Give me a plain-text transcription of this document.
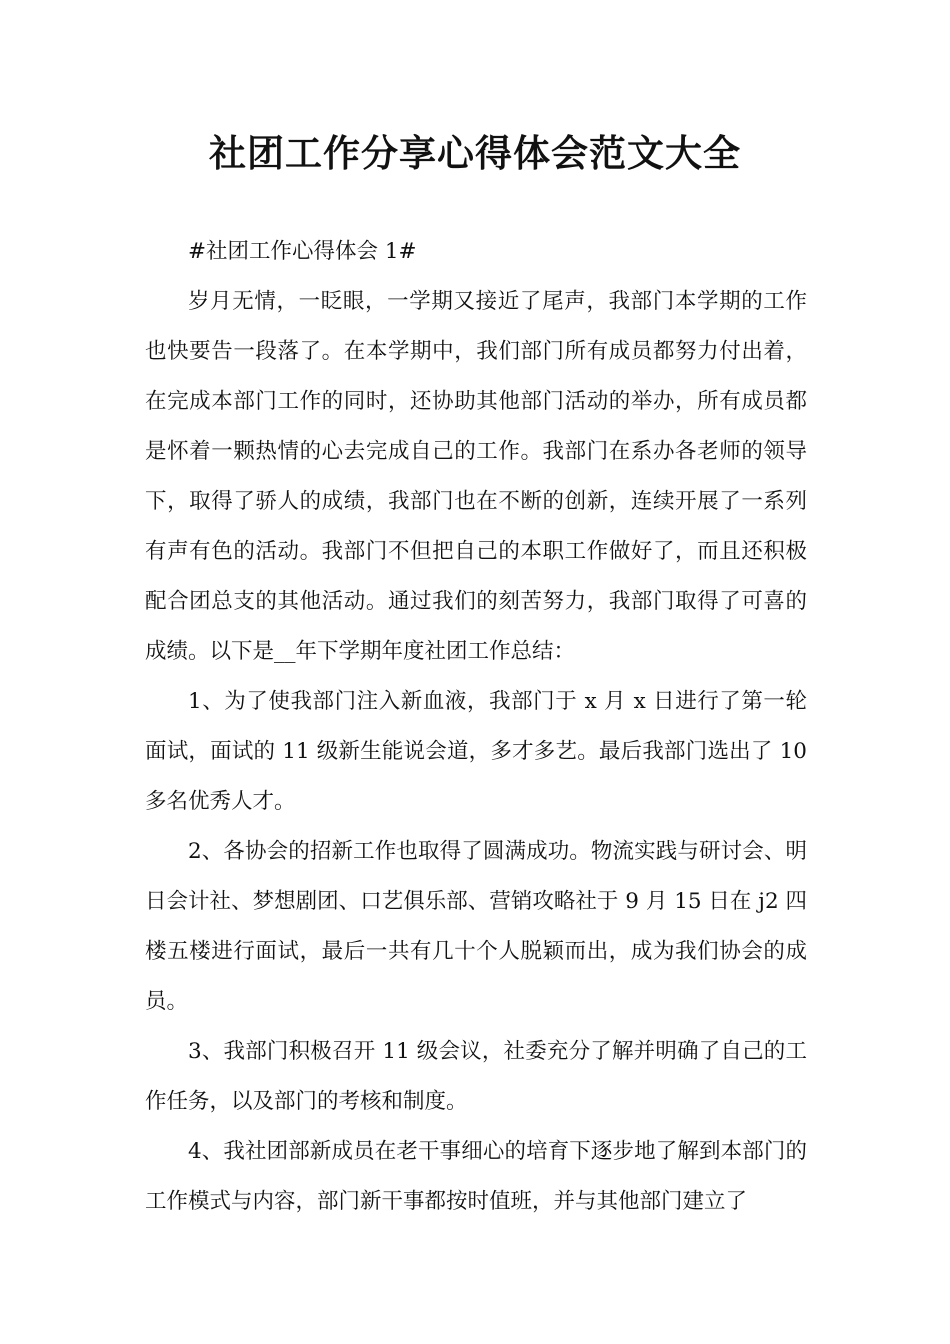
社团工作分享心得体会范文大全

#社团工作心得体会 1#

岁月无情，一眨眼，一学期又接近了尾声，我部门本学期的工作也快要告一段落了。在本学期中，我们部门所有成员都努力付出着，在完成本部门工作的同时，还协助其他部门活动的举办，所有成员都是怀着一颗热情的心去完成自己的工作。我部门在系办各老师的领导下，取得了骄人的成绩，我部门也在不断的创新，连续开展了一系列有声有色的活动。我部门不但把自己的本职工作做好了，而且还积极配合团总支的其他活动。通过我们的刻苦努力，我部门取得了可喜的成绩。以下是__年下学期年度社团工作总结：

1、为了使我部门注入新血液，我部门于 x 月 x 日进行了第一轮面试，面试的 11 级新生能说会道，多才多艺。最后我部门选出了 10 多名优秀人才。

2、各协会的招新工作也取得了圆满成功。物流实践与研讨会、明日会计社、梦想剧团、口艺俱乐部、营销攻略社于 9 月 15 日在 j2 四楼五楼进行面试，最后一共有几十个人脱颖而出，成为我们协会的成员。

3、我部门积极召开 11 级会议，社委充分了解并明确了自己的工作任务，以及部门的考核和制度。

4、我社团部新成员在老干事细心的培育下逐步地了解到本部门的工作模式与内容，部门新干事都按时值班，并与其他部门建立了
